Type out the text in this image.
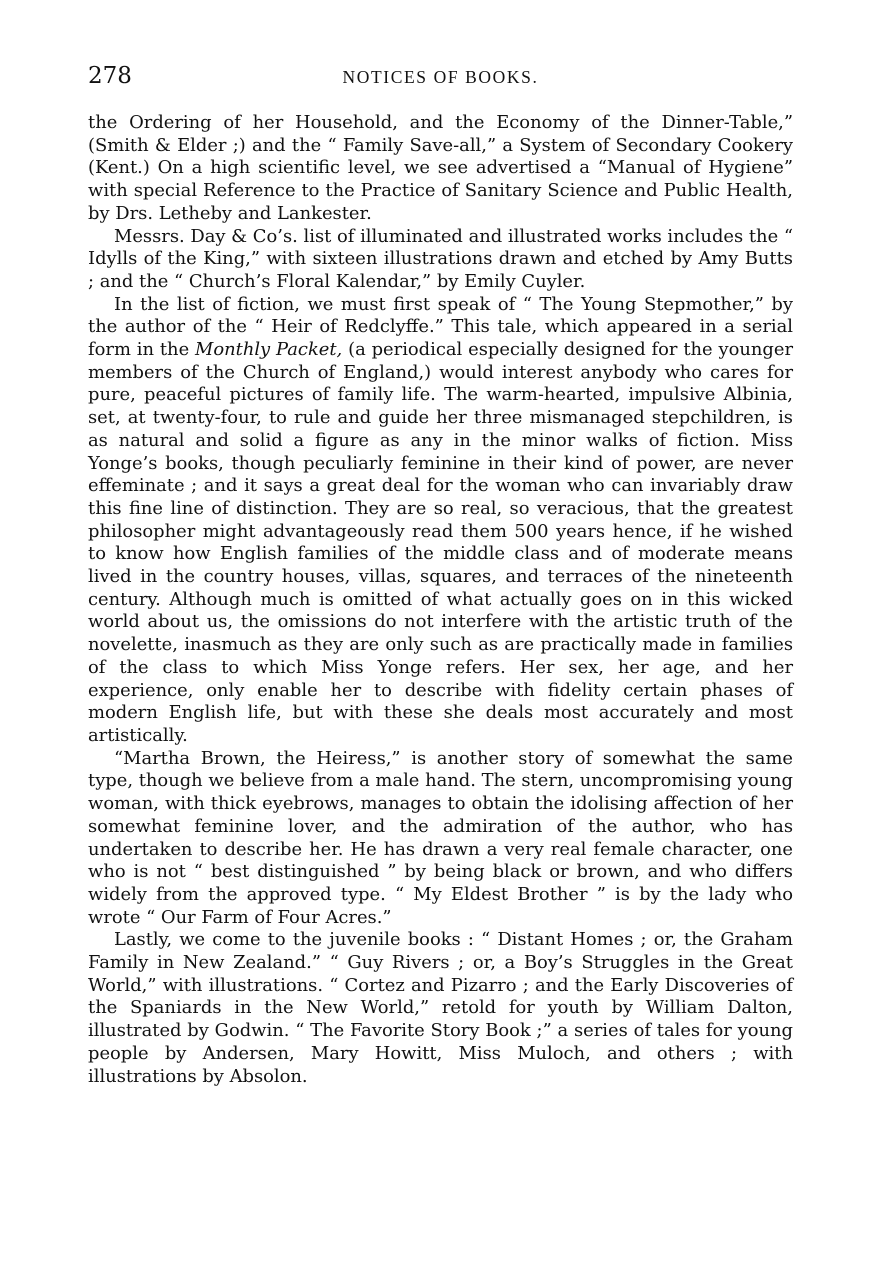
278	NOTICES OF BOOKS.

the Ordering of her Household, and the Economy of the Dinner-Table,” (Smith & Elder ;) and the “ Family Save-all,” a System of Secondary Cookery (Kent.) On a high scientific level, we see advertised a “Manual of Hygiene” with special Reference to the Practice of Sanitary Science and Public Health, by Drs. Letheby and Lankester.

Messrs. Day & Co’s. list of illuminated and illustrated works includes the “ Idylls of the King,” with sixteen illustrations drawn and etched by Amy Butts ; and the “ Church’s Floral Kalendar,” by Emily Cuyler.

In the list of fiction, we must first speak of “ The Young Stepmother,” by the author of the “ Heir of Redclyffe.” This tale, which appeared in a serial form in the Monthly Packet, (a periodical especially designed for the younger members of the Church of England,) would interest anybody who cares for pure, peaceful pictures of family life. The warm-hearted, impulsive Albinia, set, at twenty-four, to rule and guide her three mismanaged stepchildren, is as natural and solid a figure as any in the minor walks of fiction. Miss Yonge’s books, though peculiarly feminine in their kind of power, are never effeminate ; and it says a great deal for the woman who can invariably draw this fine line of distinction. They are so real, so veracious, that the greatest philosopher might advantageously read them 500 years hence, if he wished to know how English families of the middle class and of moderate means lived in the country houses, villas, squares, and terraces of the nineteenth century. Although much is omitted of what actually goes on in this wicked world about us, the omissions do not interfere with the artistic truth of the novelette, inasmuch as they are only such as are practically made in families of the class to which Miss Yonge refers. Her sex, her age, and her experience, only enable her to describe with fidelity certain phases of modern English life, but with these she deals most accurately and most artistically.

“Martha Brown, the Heiress,” is another story of somewhat the same type, though we believe from a male hand. The stern, uncompromising young woman, with thick eyebrows, manages to obtain the idolising affection of her somewhat feminine lover, and the admiration of the author, who has undertaken to describe her. He has drawn a very real female character, one who is not “ best distinguished ” by being black or brown, and who differs widely from the approved type. “ My Eldest Brother ” is by the lady who wrote “ Our Farm of Four Acres.”

Lastly, we come to the juvenile books : “ Distant Homes ; or, the Graham Family in New Zealand.” “ Guy Rivers ; or, a Boy’s Struggles in the Great World,” with illustrations. “ Cortez and Pizarro ; and the Early Discoveries of the Spaniards in the New World,” retold for youth by William Dalton, illustrated by Godwin. “ The Favorite Story Book ;” a series of tales for young people by Andersen, Mary Howitt, Miss Muloch, and others ; with illustrations by Absolon.
